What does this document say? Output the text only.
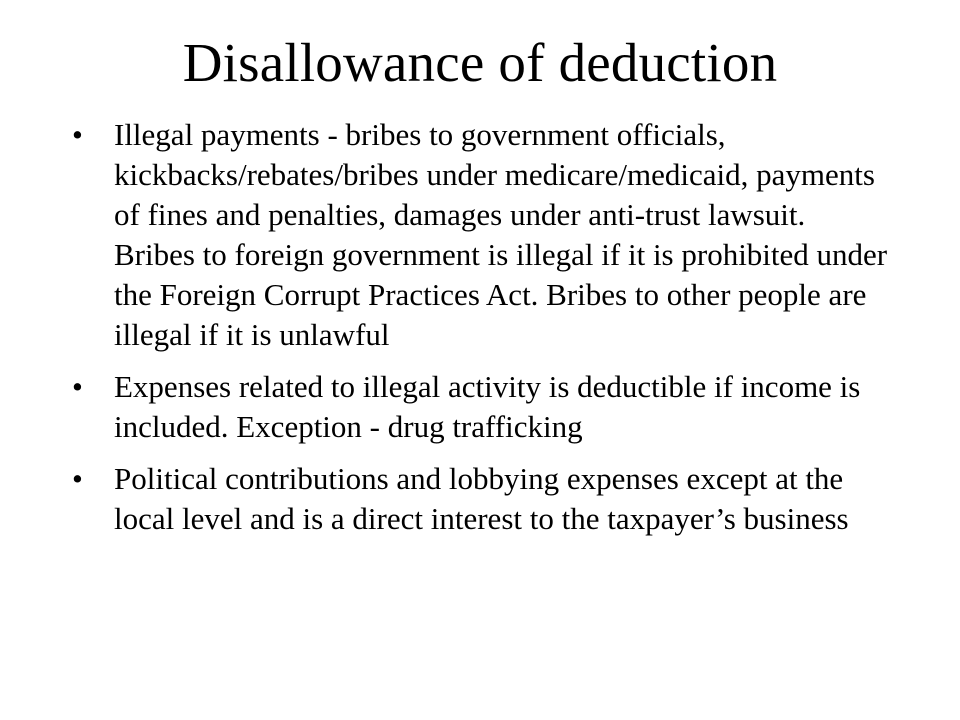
Disallowance of deduction
•	Illegal payments - bribes to government officials, kickbacks/rebates/bribes under medicare/medicaid, payments of fines and penalties, damages under anti-trust lawsuit. Bribes to foreign government is illegal if it is prohibited under the Foreign Corrupt Practices Act. Bribes to other people are illegal if it is unlawful
•	Expenses related to illegal activity is deductible if income is included. Exception - drug trafficking
•	Political contributions and lobbying expenses except at the local level and is a direct interest to the taxpayer’s business
